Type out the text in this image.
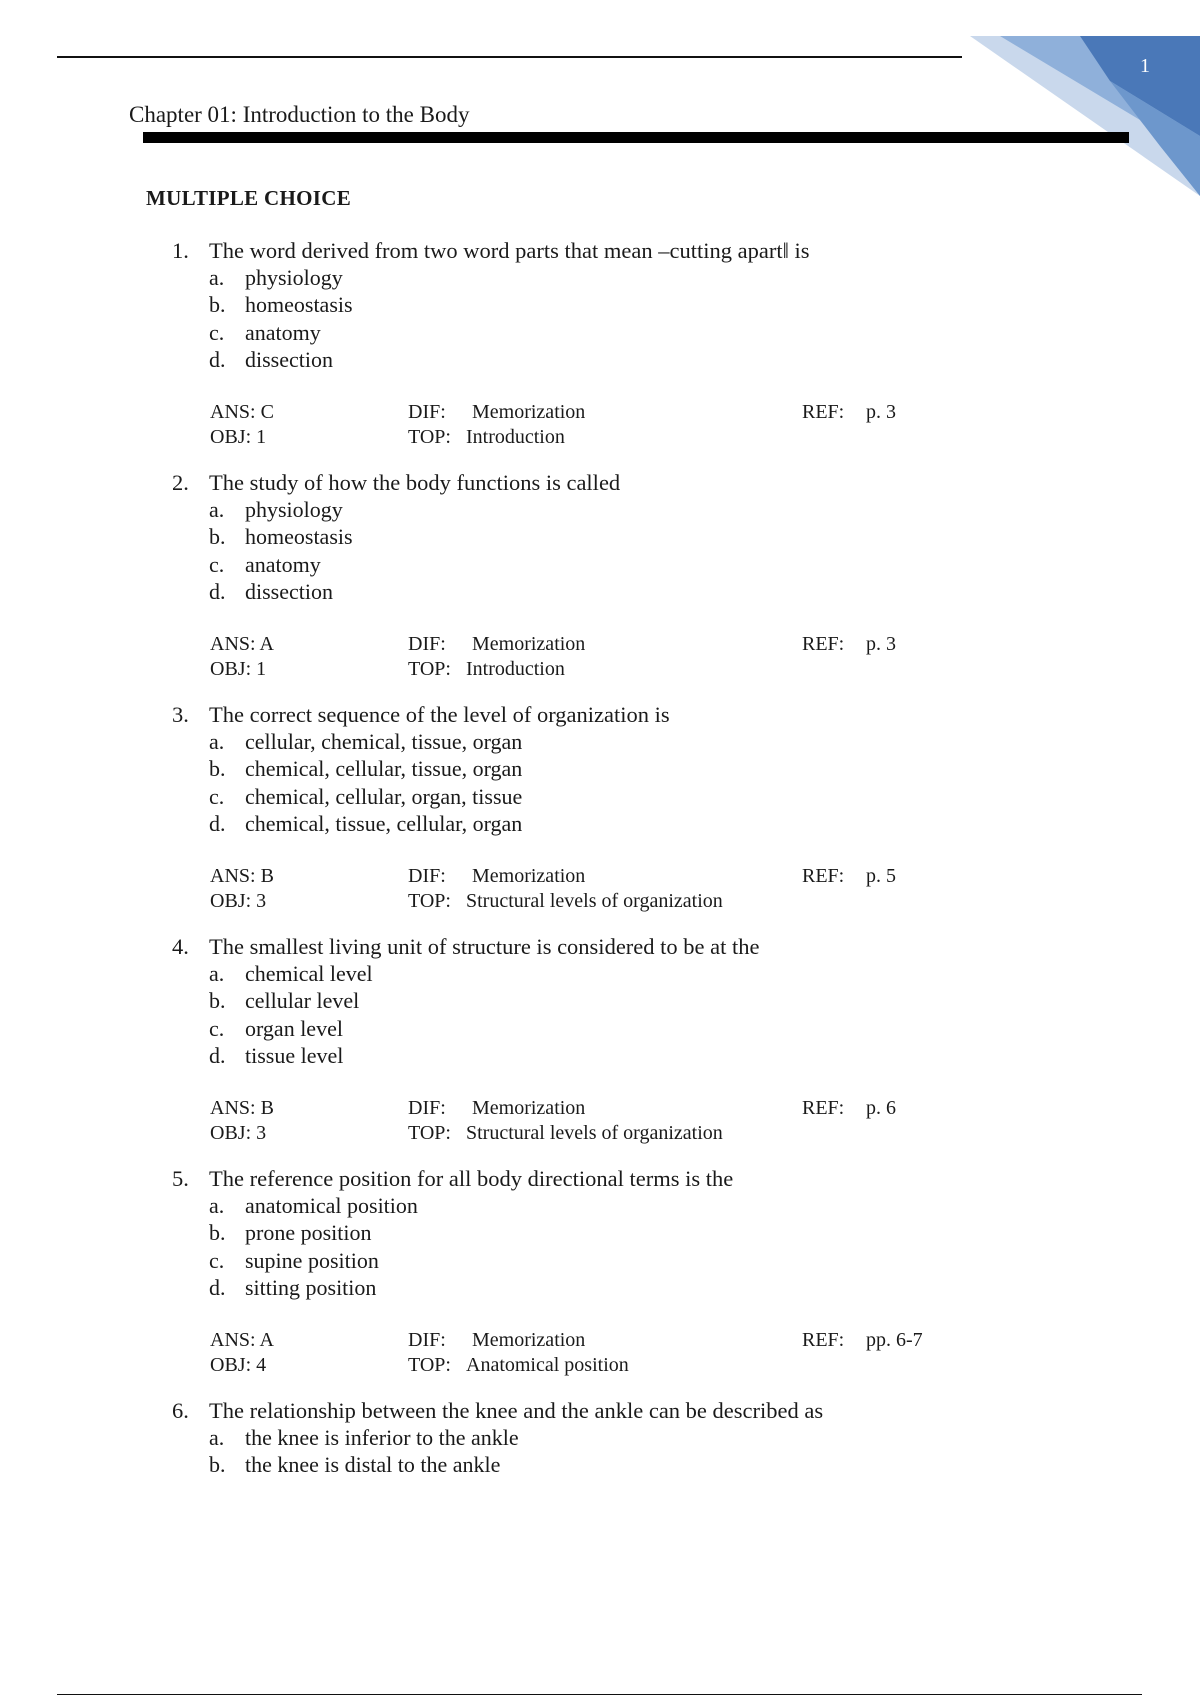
1
Chapter 01: Introduction to the Body
MULTIPLE CHOICE
1. The word derived from two word parts that mean –cutting apart‖ is
a. physiology
b. homeostasis
c. anatomy
d. dissection
ANS: C
OBJ: 1
DIF: Memorization
TOP: Introduction
REF: p. 3
2. The study of how the body functions is called
a. physiology
b. homeostasis
c. anatomy
d. dissection
ANS: A
OBJ: 1
DIF: Memorization
TOP: Introduction
REF: p. 3
3. The correct sequence of the level of organization is
a. cellular, chemical, tissue, organ
b. chemical, cellular, tissue, organ
c. chemical, cellular, organ, tissue
d. chemical, tissue, cellular, organ
ANS: B
OBJ: 3
DIF: Memorization
TOP: Structural levels of organization
REF: p. 5
4. The smallest living unit of structure is considered to be at the
a. chemical level
b. cellular level
c. organ level
d. tissue level
ANS: B
OBJ: 3
DIF: Memorization
TOP: Structural levels of organization
REF: p. 6
5. The reference position for all body directional terms is the
a. anatomical position
b. prone position
c. supine position
d. sitting position
ANS: A
OBJ: 4
DIF: Memorization
TOP: Anatomical position
REF: pp. 6-7
6. The relationship between the knee and the ankle can be described as
a. the knee is inferior to the ankle
b. the knee is distal to the ankle
